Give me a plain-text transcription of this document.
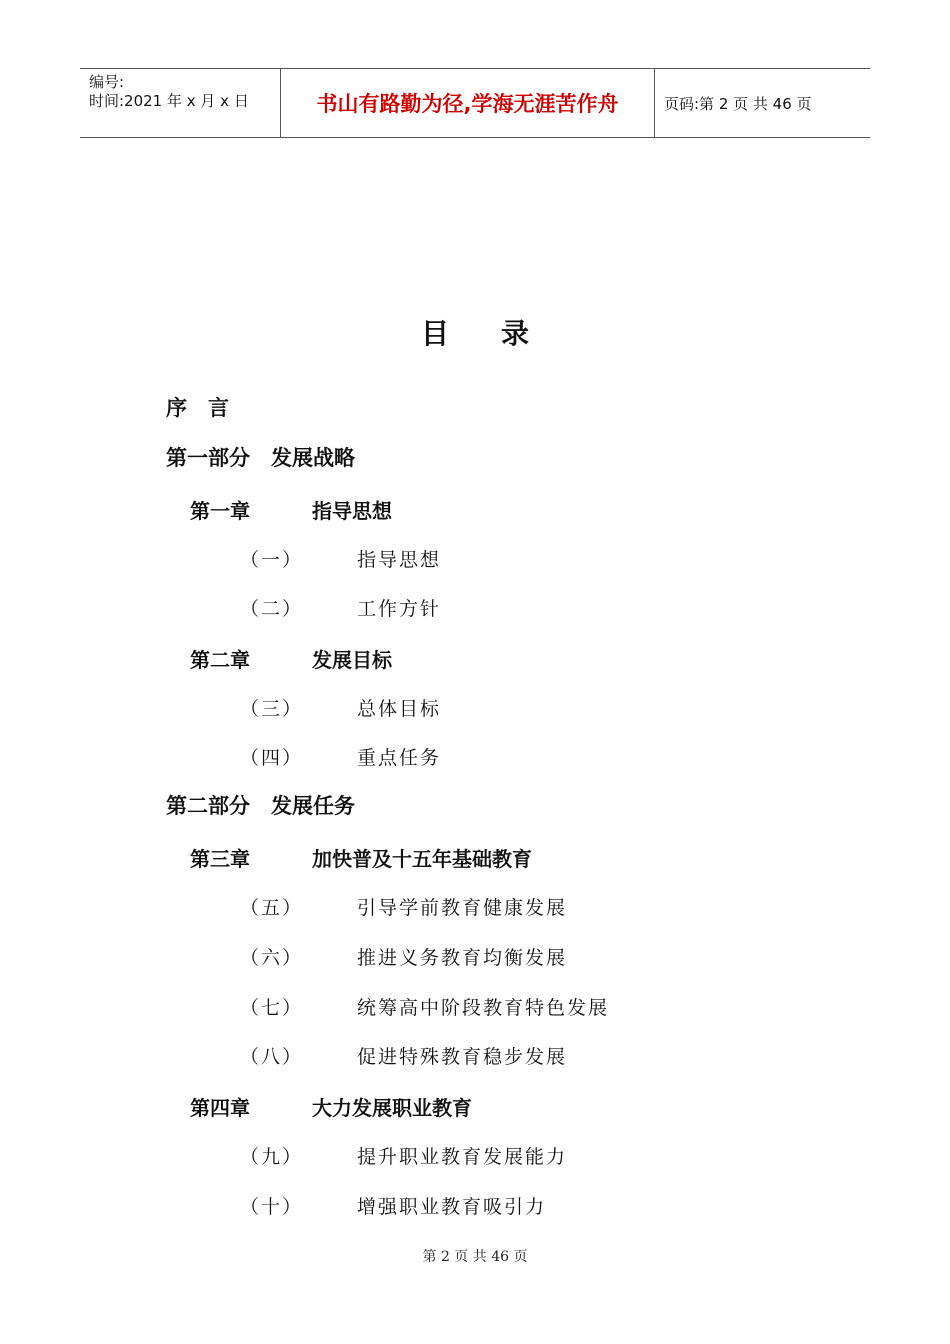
编号:
时间:2021 年 x 月 x 日	书山有路勤为径,学海无涯苦作舟	页码:第 2 页 共 46 页
目 录
序　言
第一部分　发展战略
第一章	指导思想
（一）	指导思想
（二）	工作方针
第二章	发展目标
（三）	总体目标
（四）	重点任务
第二部分　发展任务
第三章	加快普及十五年基础教育
（五）	引导学前教育健康发展
（六）	推进义务教育均衡发展
（七）	统筹高中阶段教育特色发展
（八）	促进特殊教育稳步发展
第四章	大力发展职业教育
（九）	提升职业教育发展能力
（十）	增强职业教育吸引力
第 2 页 共 46 页
